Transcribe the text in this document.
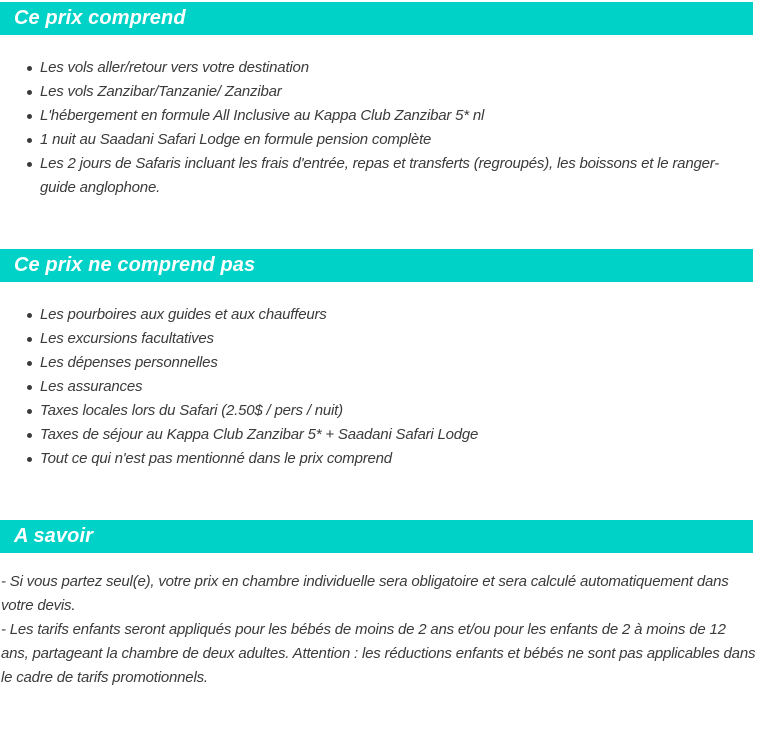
Ce prix comprend
Les vols aller/retour vers votre destination
Les vols Zanzibar/Tanzanie/ Zanzibar
L'hébergement en formule All Inclusive au Kappa Club Zanzibar 5* nl
1 nuit au Saadani Safari Lodge en formule pension complète
Les 2 jours de Safaris incluant les frais d'entrée, repas et transferts (regroupés), les boissons et le ranger-guide anglophone.
Ce prix ne comprend pas
Les pourboires aux guides et aux chauffeurs
Les excursions facultatives
Les dépenses personnelles
Les assurances
Taxes locales lors du Safari (2.50$ / pers / nuit)
Taxes de séjour au Kappa Club Zanzibar 5* + Saadani Safari Lodge
Tout ce qui n'est pas mentionné dans le prix comprend
A savoir

- Si vous partez seul(e), votre prix en chambre individuelle sera obligatoire et sera calculé automatiquement dans votre devis.

- Les tarifs enfants seront appliqués pour les bébés de moins de 2 ans et/ou pour les enfants de 2 à moins de 12 ans, partageant la chambre de deux adultes. Attention : les réductions enfants et bébés ne sont pas applicables dans le cadre de tarifs promotionnels.
